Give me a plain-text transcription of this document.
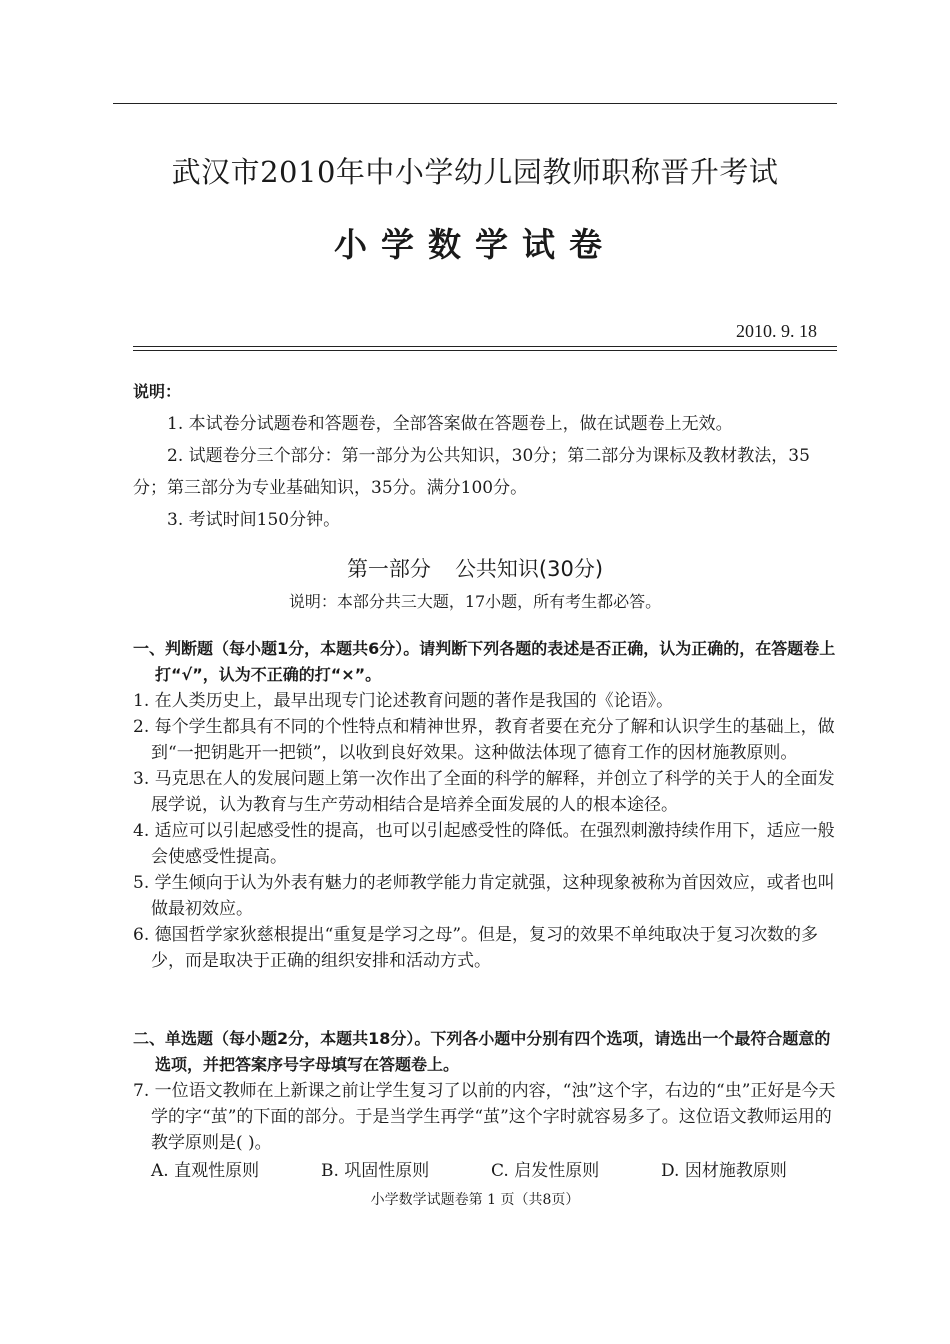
武汉市2010年中小学幼儿园教师职称晋升考试
小学数学试卷
2010. 9. 18
说明：
1. 本试卷分试题卷和答题卷，全部答案做在答题卷上，做在试题卷上无效。
2. 试题卷分三个部分：第一部分为公共知识，30分；第二部分为课标及教材教法，35分；第三部分为专业基础知识，35分。满分100分。
3. 考试时间150分钟。
第一部分 公共知识(30分)
说明：本部分共三大题，17小题，所有考生都必答。
一、判断题（每小题1分，本题共6分）。请判断下列各题的表述是否正确，认为正确的，在答题卷上打“√”，认为不正确的打“×”。
1. 在人类历史上，最早出现专门论述教育问题的著作是我国的《论语》。
2. 每个学生都具有不同的个性特点和精神世界，教育者要在充分了解和认识学生的基础上，做到“一把钥匙开一把锁”，以收到良好效果。这种做法体现了德育工作的因材施教原则。
3. 马克思在人的发展问题上第一次作出了全面的科学的解释，并创立了科学的关于人的全面发展学说，认为教育与生产劳动相结合是培养全面发展的人的根本途径。
4. 适应可以引起感受性的提高，也可以引起感受性的降低。在强烈刺激持续作用下，适应一般会使感受性提高。
5. 学生倾向于认为外表有魅力的老师教学能力肯定就强，这种现象被称为首因效应，或者也叫做最初效应。
6. 德国哲学家狄慈根提出“重复是学习之母”。但是，复习的效果不单纯取决于复习次数的多少，而是取决于正确的组织安排和活动方式。
二、单选题（每小题2分，本题共18分）。下列各小题中分别有四个选项，请选出一个最符合题意的选项，并把答案序号字母填写在答题卷上。
7. 一位语文教师在上新课之前让学生复习了以前的内容，“浊”这个字，右边的“虫”正好是今天学的字“茧”的下面的部分。于是当学生再学“茧”这个字时就容易多了。这位语文教师运用的教学原则是( )。
A. 直观性原则	B. 巩固性原则	C. 启发性原则	D. 因材施教原则
小学数学试题卷第 1 页（共8页）
